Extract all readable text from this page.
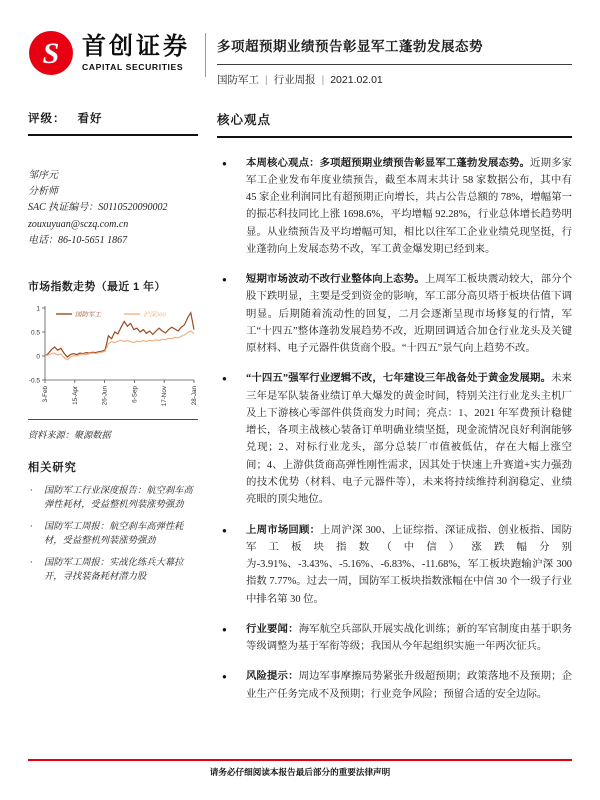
S 首创证券
CAPITAL SECURITIES
多项超预期业绩预告彰显军工蓬勃发展态势
国防军工 | 行业周报 | 2021.02.01
评级： 看好
邹序元
分析师
SAC 执证编号：S0110520090002
zouxuyuan@sczq.com.cn
电话：86-10-5651 1867
市场指数走势（最近 1 年）
1
0.5
0
-0.5
3-Feb	15-Apr	26-Jun	6-Sep	17-Nov	28-Jan
国防军工	沪深300
资料来源：聚源数据
相关研究
·	国防军工行业深度报告：航空刹车高弹性耗材，受益整机列装涨势强劲
·	国防军工周报：航空刹车高弹性耗材，受益整机列装涨势强劲
·	国防军工周报：实战化练兵大幕拉开，寻找装备耗材潜力股
核心观点
●	本周核心观点：多项超预期业绩预告彰显军工蓬勃发展态势。近期多家军工企业发布年度业绩预告，截至本周末共计 58 家数据公布，其中有 45 家企业利润同比有超预期正向增长，共占公告总额的 78%，增幅第一的振芯科技同比上涨 1698.6%，平均增幅 92.28%，行业总体增长趋势明显。从业绩预告及平均增幅可知，相比以往军工企业业绩兑现坚挺，行业蓬勃向上发展态势不改，军工黄金爆发期已经到来。
●	短期市场波动不改行业整体向上态势。上周军工板块震动较大，部分个股下跌明显，主要是受到资金的影响，军工部分高贝塔于板块估值下调明显。后期随着流动性的回复，二月会逐渐呈现市场修复的行情，军工“十四五”整体蓬勃发展趋势不改，近期回调适合加仓行业龙头及关键原材料、电子元器件供货商个股。“十四五”景气向上趋势不改。
●	“十四五”强军行业逻辑不改，七年建设三年战备处于黄金发展期。未来三年是军队装备业绩订单大爆发的黄金时间，特别关注行业龙头主机厂及上下游核心零部件供货商发力时间；亮点：1、2021 年军费预计稳健增长，各项主战核心装备订单明确业绩坚挺，现金流情况良好利润能够兑现；2、对标行业龙头，部分总装厂市值被低估，存在大幅上涨空间；4、上游供货商高弹性刚性需求，因其处于快速上升赛道+实力强劲的技术优势（材料、电子元器件等），未来将持续维持利润稳定、业绩亮眼的顶尖地位。
●	上周市场回顾：上周沪深 300、上证综指、深证成指、创业板指、国防军工板块指数（中信）涨跌幅分别为-3.91%、-3.43%、-5.16%、-6.83%、-11.68%，军工板块跑输沪深 300 指数 7.77%。过去一周，国防军工板块指数涨幅在中信 30 个一级子行业中排名第 30 位。
●	行业要闻：海军航空兵部队开展实战化训练；新的军官制度由基于职务等级调整为基于军衔等级；我国从今年起组织实施一年两次征兵。
●	风险提示：周边军事摩擦局势紧张升级超预期；政策落地不及预期；企业生产任务完成不及预期；行业竞争风险；预留合适的安全边际。
请务必仔细阅读本报告最后部分的重要法律声明
